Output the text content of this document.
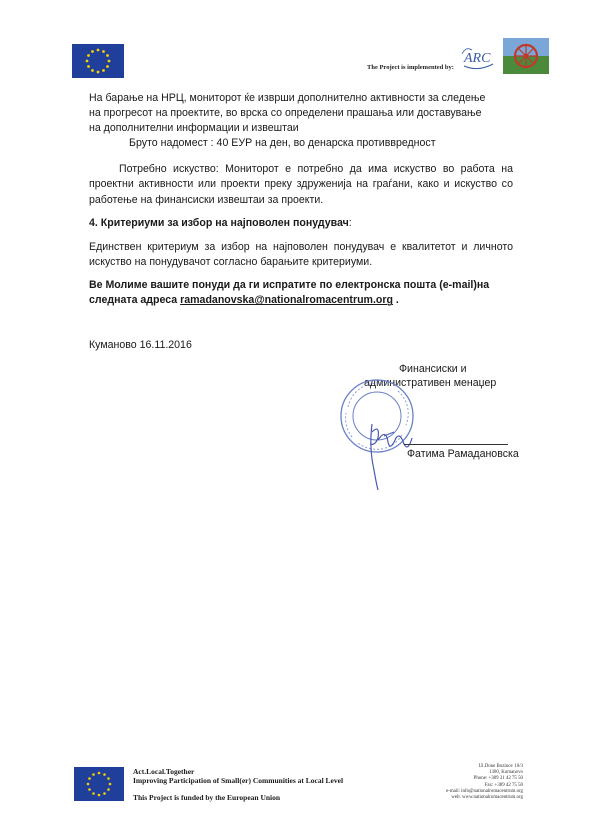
The Project is implemented by:
ARC
На барање на НРЦ, мониторот ќе изврши дополнително активности за следење
на прогресот на проектите, во врска со определени прашања или доставување
на дополнителни информации и извештаи
Бруто надомест : 40 ЕУР на ден, во денарска противвредност
Потребно искуство: Мониторот е потребно да има искуство во работа на проектни активности или проекти преку здруженија на граѓани, како и искуство со работење на финансиски извештаи за проекти.
4. Критериуми за избор на најповолен понудувач:
Единствен критериум за избор на најповолен понудувач е квалитетот и личното искуство на понудувачот согласно барањите критериуми.
Ве Молиме вашите понуди да ги испратите по електронска пошта (e-mail)на следната адреса ramadanovska@nationalromacentrum.org .
Куманово 16.11.2016
Финансиски и
административен менаџер
Фатима Рамадановска
Act.Local.Together
Improving Participation of Small(er) Communities at Local Level
This Project is funded by the European Union
Ul.Done Bozinov 10/3
1300, Kumanovo
Phone: +389 31 42 75 50
Fax: +389 42 75 50
e-mail: info@nationalromacentrum.org
web: www.nationalromacentrum.org
